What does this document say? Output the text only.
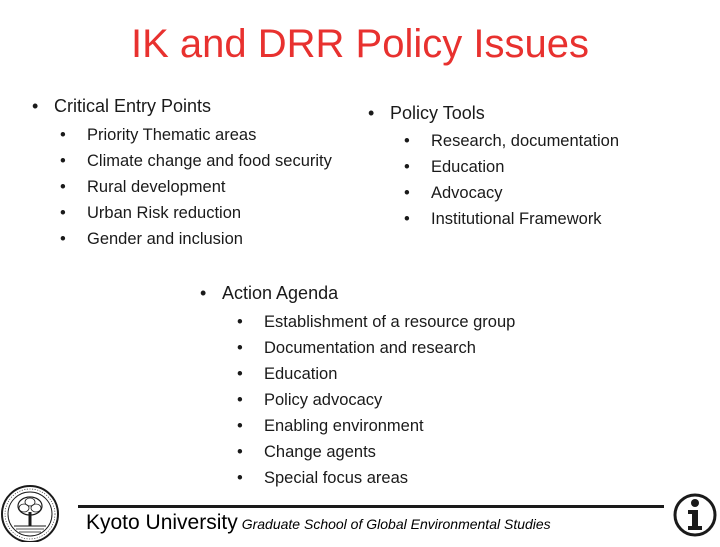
IK and DRR Policy Issues
• Critical Entry Points
• Priority Thematic areas
• Climate change and food security
• Rural development
• Urban Risk reduction
• Gender and inclusion
• Policy Tools
• Research, documentation
• Education
• Advocacy
• Institutional Framework
• Action Agenda
• Establishment of a resource group
• Documentation and research
• Education
• Policy advocacy
• Enabling environment
• Change agents
• Special focus areas
Kyoto University Graduate School of Global Environmental Studies
